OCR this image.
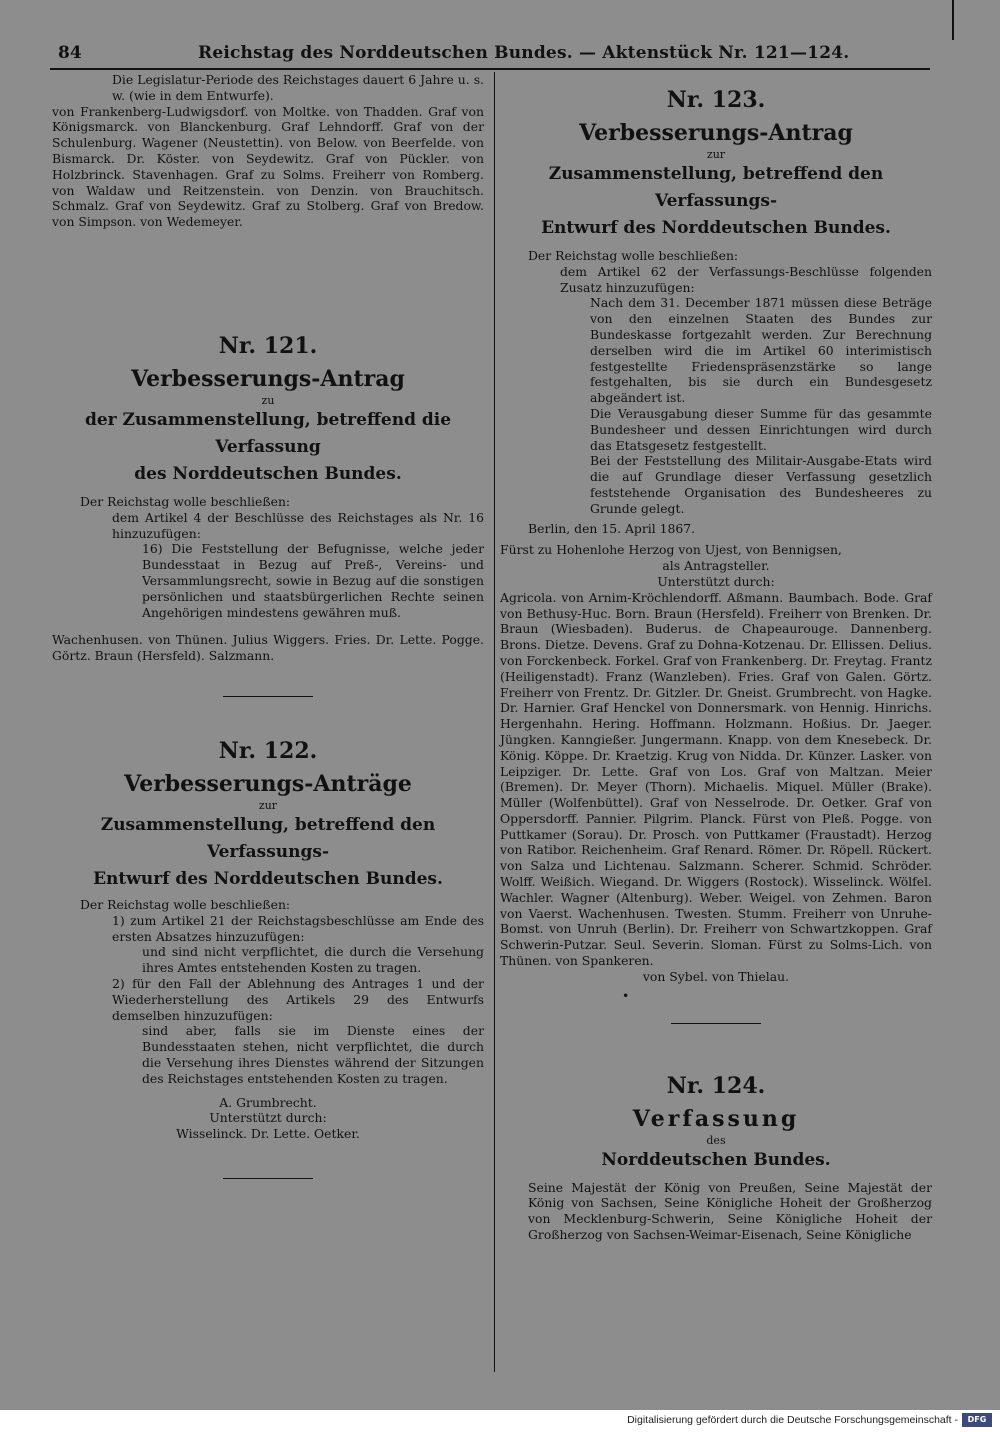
84	Reichstag des Norddeutschen Bundes. — Aktenstück Nr. 121—124.

Die Legislatur-Periode des Reichstages dauert 6 Jahre u. s. w. (wie in dem Entwurfe).

von Frankenberg-Ludwigsdorf. von Moltke. von Thadden. Graf von Königsmarck. von Blanckenburg. Graf Lehndorff. Graf von der Schulenburg. Wagener (Neustettin). von Below. von Beerfelde. von Bismarck. Dr. Köster. von Seydewitz. Graf von Pückler. von Holzbrinck. Stavenhagen. Graf zu Solms. Freiherr von Romberg. von Waldaw und Reitzenstein. von Denzin. von Brauchitsch. Schmalz. Graf von Seydewitz. Graf zu Stolberg. Graf von Bredow. von Simpson. von Wedemeyer.

Nr. 121.
Verbesserungs-Antrag
zu
der Zusammenstellung, betreffend die Verfassung
des Norddeutschen Bundes.

Der Reichstag wolle beschließen:

dem Artikel 4 der Beschlüsse des Reichstages als Nr. 16 hinzuzufügen:

16) Die Feststellung der Befugnisse, welche jeder Bundesstaat in Bezug auf Preß-, Vereins- und Versammlungsrecht, sowie in Bezug auf die sonstigen persönlichen und staatsbürgerlichen Rechte seinen Angehörigen mindestens gewähren muß.

Wachenhusen. von Thünen. Julius Wiggers. Fries. Dr. Lette. Pogge. Görtz. Braun (Hersfeld). Salzmann.

Nr. 122.
Verbesserungs-Anträge
zur
Zusammenstellung, betreffend den Verfassungs-
Entwurf des Norddeutschen Bundes.

Der Reichstag wolle beschließen:

1) zum Artikel 21 der Reichstagsbeschlüsse am Ende des ersten Absatzes hinzuzufügen:

und sind nicht verpflichtet, die durch die Versehung ihres Amtes entstehenden Kosten zu tragen.

2) für den Fall der Ablehnung des Antrages 1 und der Wiederherstellung des Artikels 29 des Entwurfs demselben hinzuzufügen:

sind aber, falls sie im Dienste eines der Bundesstaaten stehen, nicht verpflichtet, die durch die Versehung ihres Dienstes während der Sitzungen des Reichstages entstehenden Kosten zu tragen.

A. Grumbrecht.

Unterstützt durch:

Wisselinck. Dr. Lette. Oetker.

Nr. 123.
Verbesserungs-Antrag
zur
Zusammenstellung, betreffend den Verfassungs-
Entwurf des Norddeutschen Bundes.

Der Reichstag wolle beschließen:

dem Artikel 62 der Verfassungs-Beschlüsse folgenden Zusatz hinzuzufügen:

Nach dem 31. December 1871 müssen diese Beträge von den einzelnen Staaten des Bundes zur Bundeskasse fortgezahlt werden. Zur Berechnung derselben wird die im Artikel 60 interimistisch festgestellte Friedenspräsenzstärke so lange festgehalten, bis sie durch ein Bundesgesetz abgeändert ist.

Die Verausgabung dieser Summe für das gesammte Bundesheer und dessen Einrichtungen wird durch das Etatsgesetz festgestellt.

Bei der Feststellung des Militair-Ausgabe-Etats wird die auf Grundlage dieser Verfassung gesetzlich feststehende Organisation des Bundesheeres zu Grunde gelegt.

Berlin, den 15. April 1867.

Fürst zu Hohenlohe Herzog von Ujest, von Bennigsen,

als Antragsteller.

Unterstützt durch:

Agricola. von Arnim-Kröchlendorff. Aßmann. Baumbach. Bode. Graf von Bethusy-Huc. Born. Braun (Hersfeld). Freiherr von Brenken. Dr. Braun (Wiesbaden). Buderus. de Chapeaurouge. Dannenberg. Brons. Dietze. Devens. Graf zu Dohna-Kotzenau. Dr. Ellissen. Delius. von Forckenbeck. Forkel. Graf von Frankenberg. Dr. Freytag. Frantz (Heiligenstadt). Franz (Wanzleben). Fries. Graf von Galen. Görtz. Freiherr von Frentz. Dr. Gitzler. Dr. Gneist. Grumbrecht. von Hagke. Dr. Harnier. Graf Henckel von Donnersmark. von Hennig. Hinrichs. Hergenhahn. Hering. Hoffmann. Holzmann. Hoßius. Dr. Jaeger. Jüngken. Kanngießer. Jungermann. Knapp. von dem Knesebeck. Dr. König. Köppe. Dr. Kraetzig. Krug von Nidda. Dr. Künzer. Lasker. von Leipziger. Dr. Lette. Graf von Los. Graf von Maltzan. Meier (Bremen). Dr. Meyer (Thorn). Michaelis. Miquel. Müller (Brake). Müller (Wolfenbüttel). Graf von Nesselrode. Dr. Oetker. Graf von Oppersdorff. Pannier. Pilgrim. Planck. Fürst von Pleß. Pogge. von Puttkamer (Sorau). Dr. Prosch. von Puttkamer (Fraustadt). Herzog von Ratibor. Reichenheim. Graf Renard. Römer. Dr. Röpell. Rückert. von Salza und Lichtenau. Salzmann. Scherer. Schmid. Schröder. Wolff. Weißich. Wiegand. Dr. Wiggers (Rostock). Wisselinck. Wölfel. Wachler. Wagner (Altenburg). Weber. Weigel. von Zehmen. Baron von Vaerst. Wachenhusen. Twesten. Stumm. Freiherr von Unruhe-Bomst. von Unruh (Berlin). Dr. Freiherr von Schwartzkoppen. Graf Schwerin-Putzar. Seul. Severin. Sloman. Fürst zu Solms-Lich. von Thünen. von Spankeren.

von Sybel. von Thielau.

•

Nr. 124.
Verfassung
des
Norddeutschen Bundes.

Seine Majestät der König von Preußen, Seine Majestät der König von Sachsen, Seine Königliche Hoheit der Großherzog von Mecklenburg-Schwerin, Seine Königliche Hoheit der Großherzog von Sachsen-Weimar-Eisenach, Seine Königliche

Digitalisierung gefördert durch die Deutsche Forschungsgemeinschaft -	DFG
